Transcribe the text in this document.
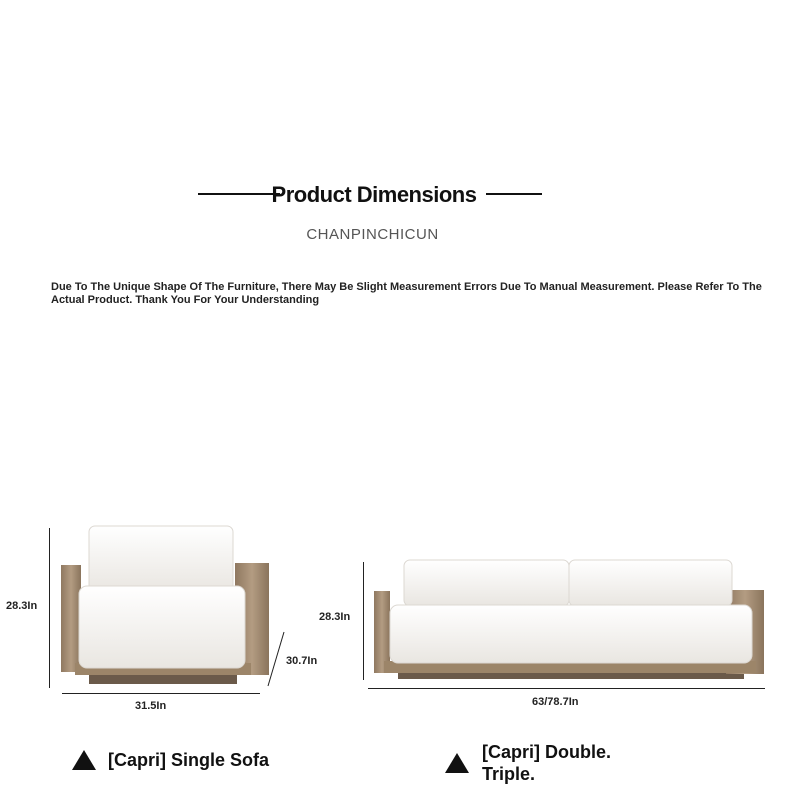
Product Dimensions
CHANPINCHICUN
Due To The Unique Shape Of The Furniture, There May Be Slight Measurement Errors Due To Manual Measurement. Please Refer To The Actual Product. Thank You For Your Understanding
28.3In
30.7In
31.5In
28.3In
63/78.7In
[Capri] Single Sofa	[Capri] Double.
Triple.
